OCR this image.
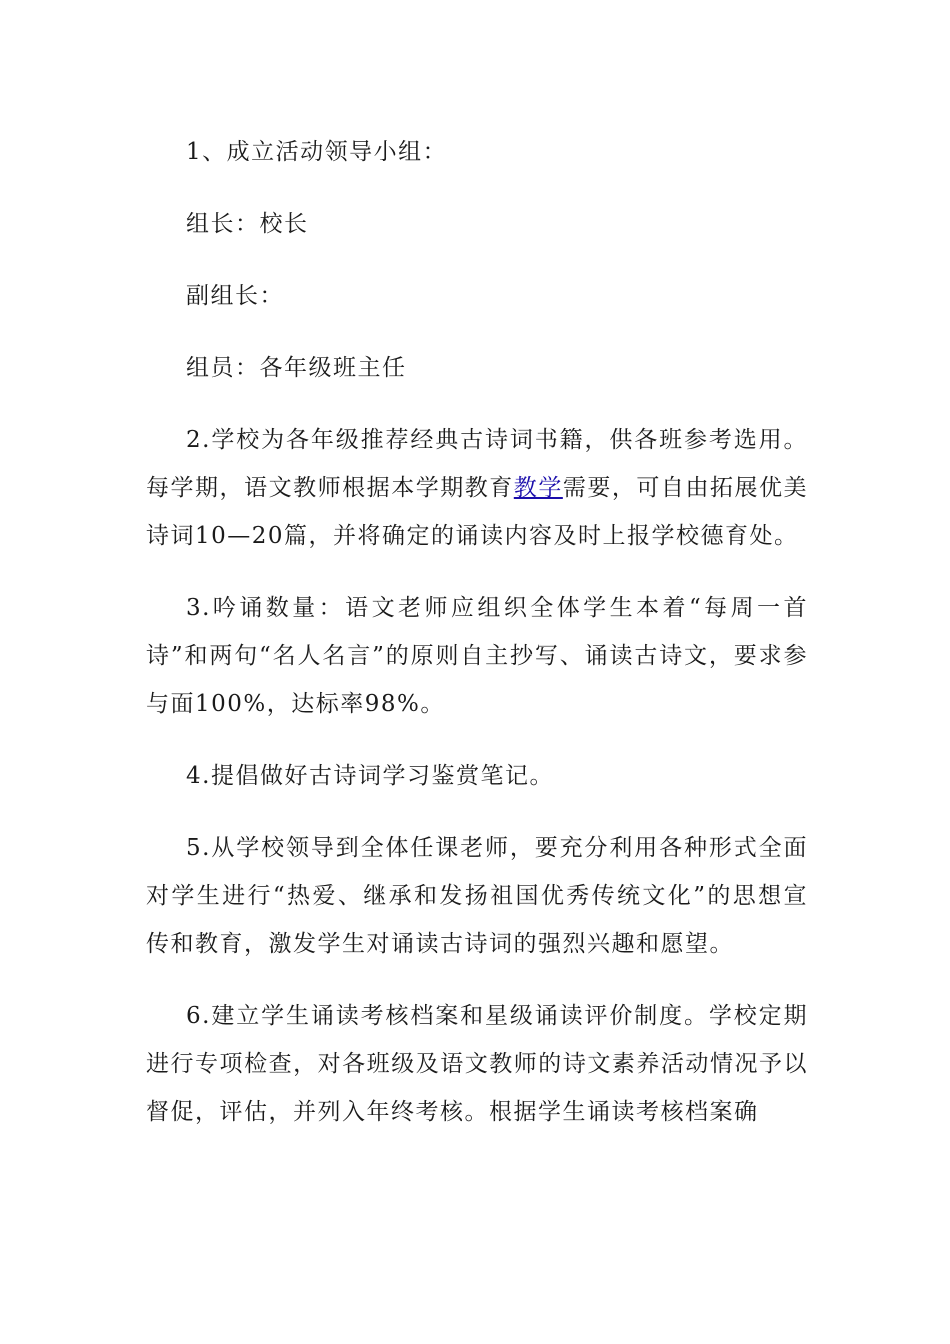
1、成立活动领导小组：

组长：校长

副组长：

组员：各年级班主任

2.学校为各年级推荐经典古诗词书籍，供各班参考选用。每学期，语文教师根据本学期教育教学需要，可自由拓展优美诗词10—20篇，并将确定的诵读内容及时上报学校德育处。

3.吟诵数量：语文老师应组织全体学生本着“每周一首诗”和两句“名人名言”的原则自主抄写、诵读古诗文，要求参与面100%，达标率98%。

4.提倡做好古诗词学习鉴赏笔记。

5.从学校领导到全体任课老师，要充分利用各种形式全面对学生进行“热爱、继承和发扬祖国优秀传统文化”的思想宣传和教育，激发学生对诵读古诗词的强烈兴趣和愿望。

6.建立学生诵读考核档案和星级诵读评价制度。学校定期进行专项检查，对各班级及语文教师的诗文素养活动情况予以督促，评估，并列入年终考核。根据学生诵读考核档案确
